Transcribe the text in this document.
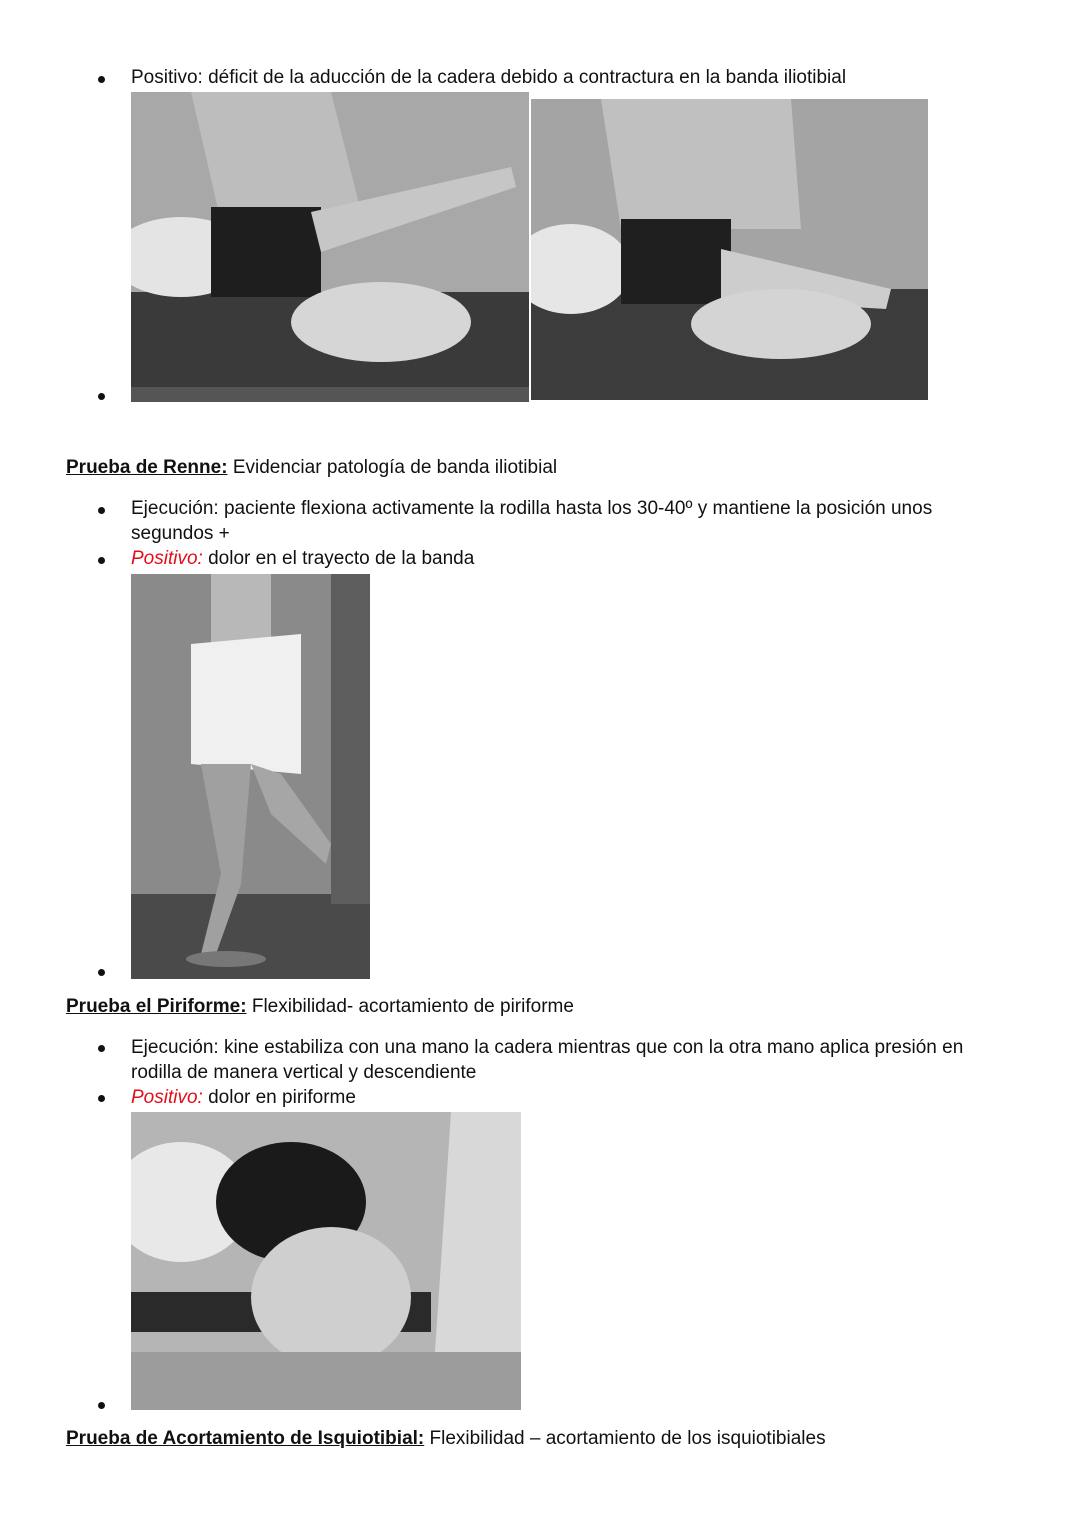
Positivo: déficit de la aducción de la cadera debido a contractura en la banda iliotibial
Prueba de Renne: Evidenciar patología de banda iliotibial
Ejecución: paciente flexiona activamente la rodilla hasta los 30-40º y mantiene la posición unos
segundos +
Positivo: dolor en el trayecto de la banda
Prueba el Piriforme: Flexibilidad- acortamiento de piriforme
Ejecución: kine estabiliza con una mano la cadera mientras que con la otra mano aplica presión en
rodilla de manera vertical y descendiente
Positivo: dolor en piriforme
Prueba de Acortamiento de Isquiotibial: Flexibilidad – acortamiento de los isquiotibiales
